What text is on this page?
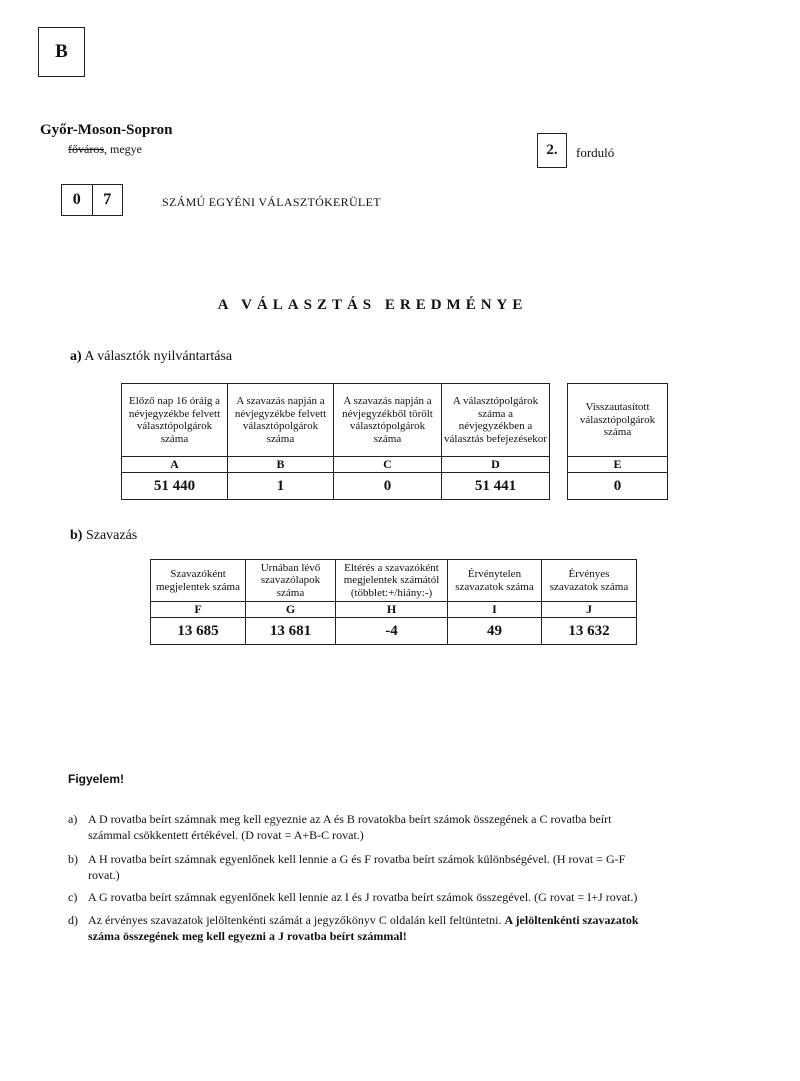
B
Győr-Moson-Sopron
főváros, megye	2.	forduló
0	7	SZÁMÚ EGYÉNI VÁLASZTÓKERÜLET
A VÁLASZTÁS EREDMÉNYE
a) A választók nyilvántartása
Előző nap 16 óráig a névjegyzékbe felvett választópolgárok száma	A szavazás napján a névjegyzékbe felvett választópolgárok száma	A szavazás napján a névjegyzékből törölt választópolgárok száma	A választópolgárok száma a névjegyzékben a választás befejezésekor
A	B	C	D
51 440	1	0	51 441
Visszautasított választópolgárok száma
E
0
b) Szavazás
Szavazóként megjelentek száma	Urnában lévő szavazólapok száma	Eltérés a szavazóként megjelentek számától (többlet:+/hiány:-)	Érvénytelen szavazatok száma	Érvényes szavazatok száma
F	G	H	I	J
13 685	13 681	-4	49	13 632
Figyelem!
a) A D rovatba beírt számnak meg kell egyeznie az A és B rovatokba beírt számok összegének a C rovatba beírt
számmal csökkentett értékével. (D rovat = A+B-C rovat.)
b) A H rovatba beírt számnak egyenlőnek kell lennie a G és F rovatba beírt számok különbségével. (H rovat = G-F
rovat.)
c) A G rovatba beírt számnak egyenlőnek kell lennie az I és J rovatba beírt számok összegével. (G rovat = I+J rovat.)
d) Az érvényes szavazatok jelöltenkénti számát a jegyzőkönyv C oldalán kell feltüntetni. A jelöltenkénti szavazatok
száma összegének meg kell egyezni a J rovatba beírt számmal!
